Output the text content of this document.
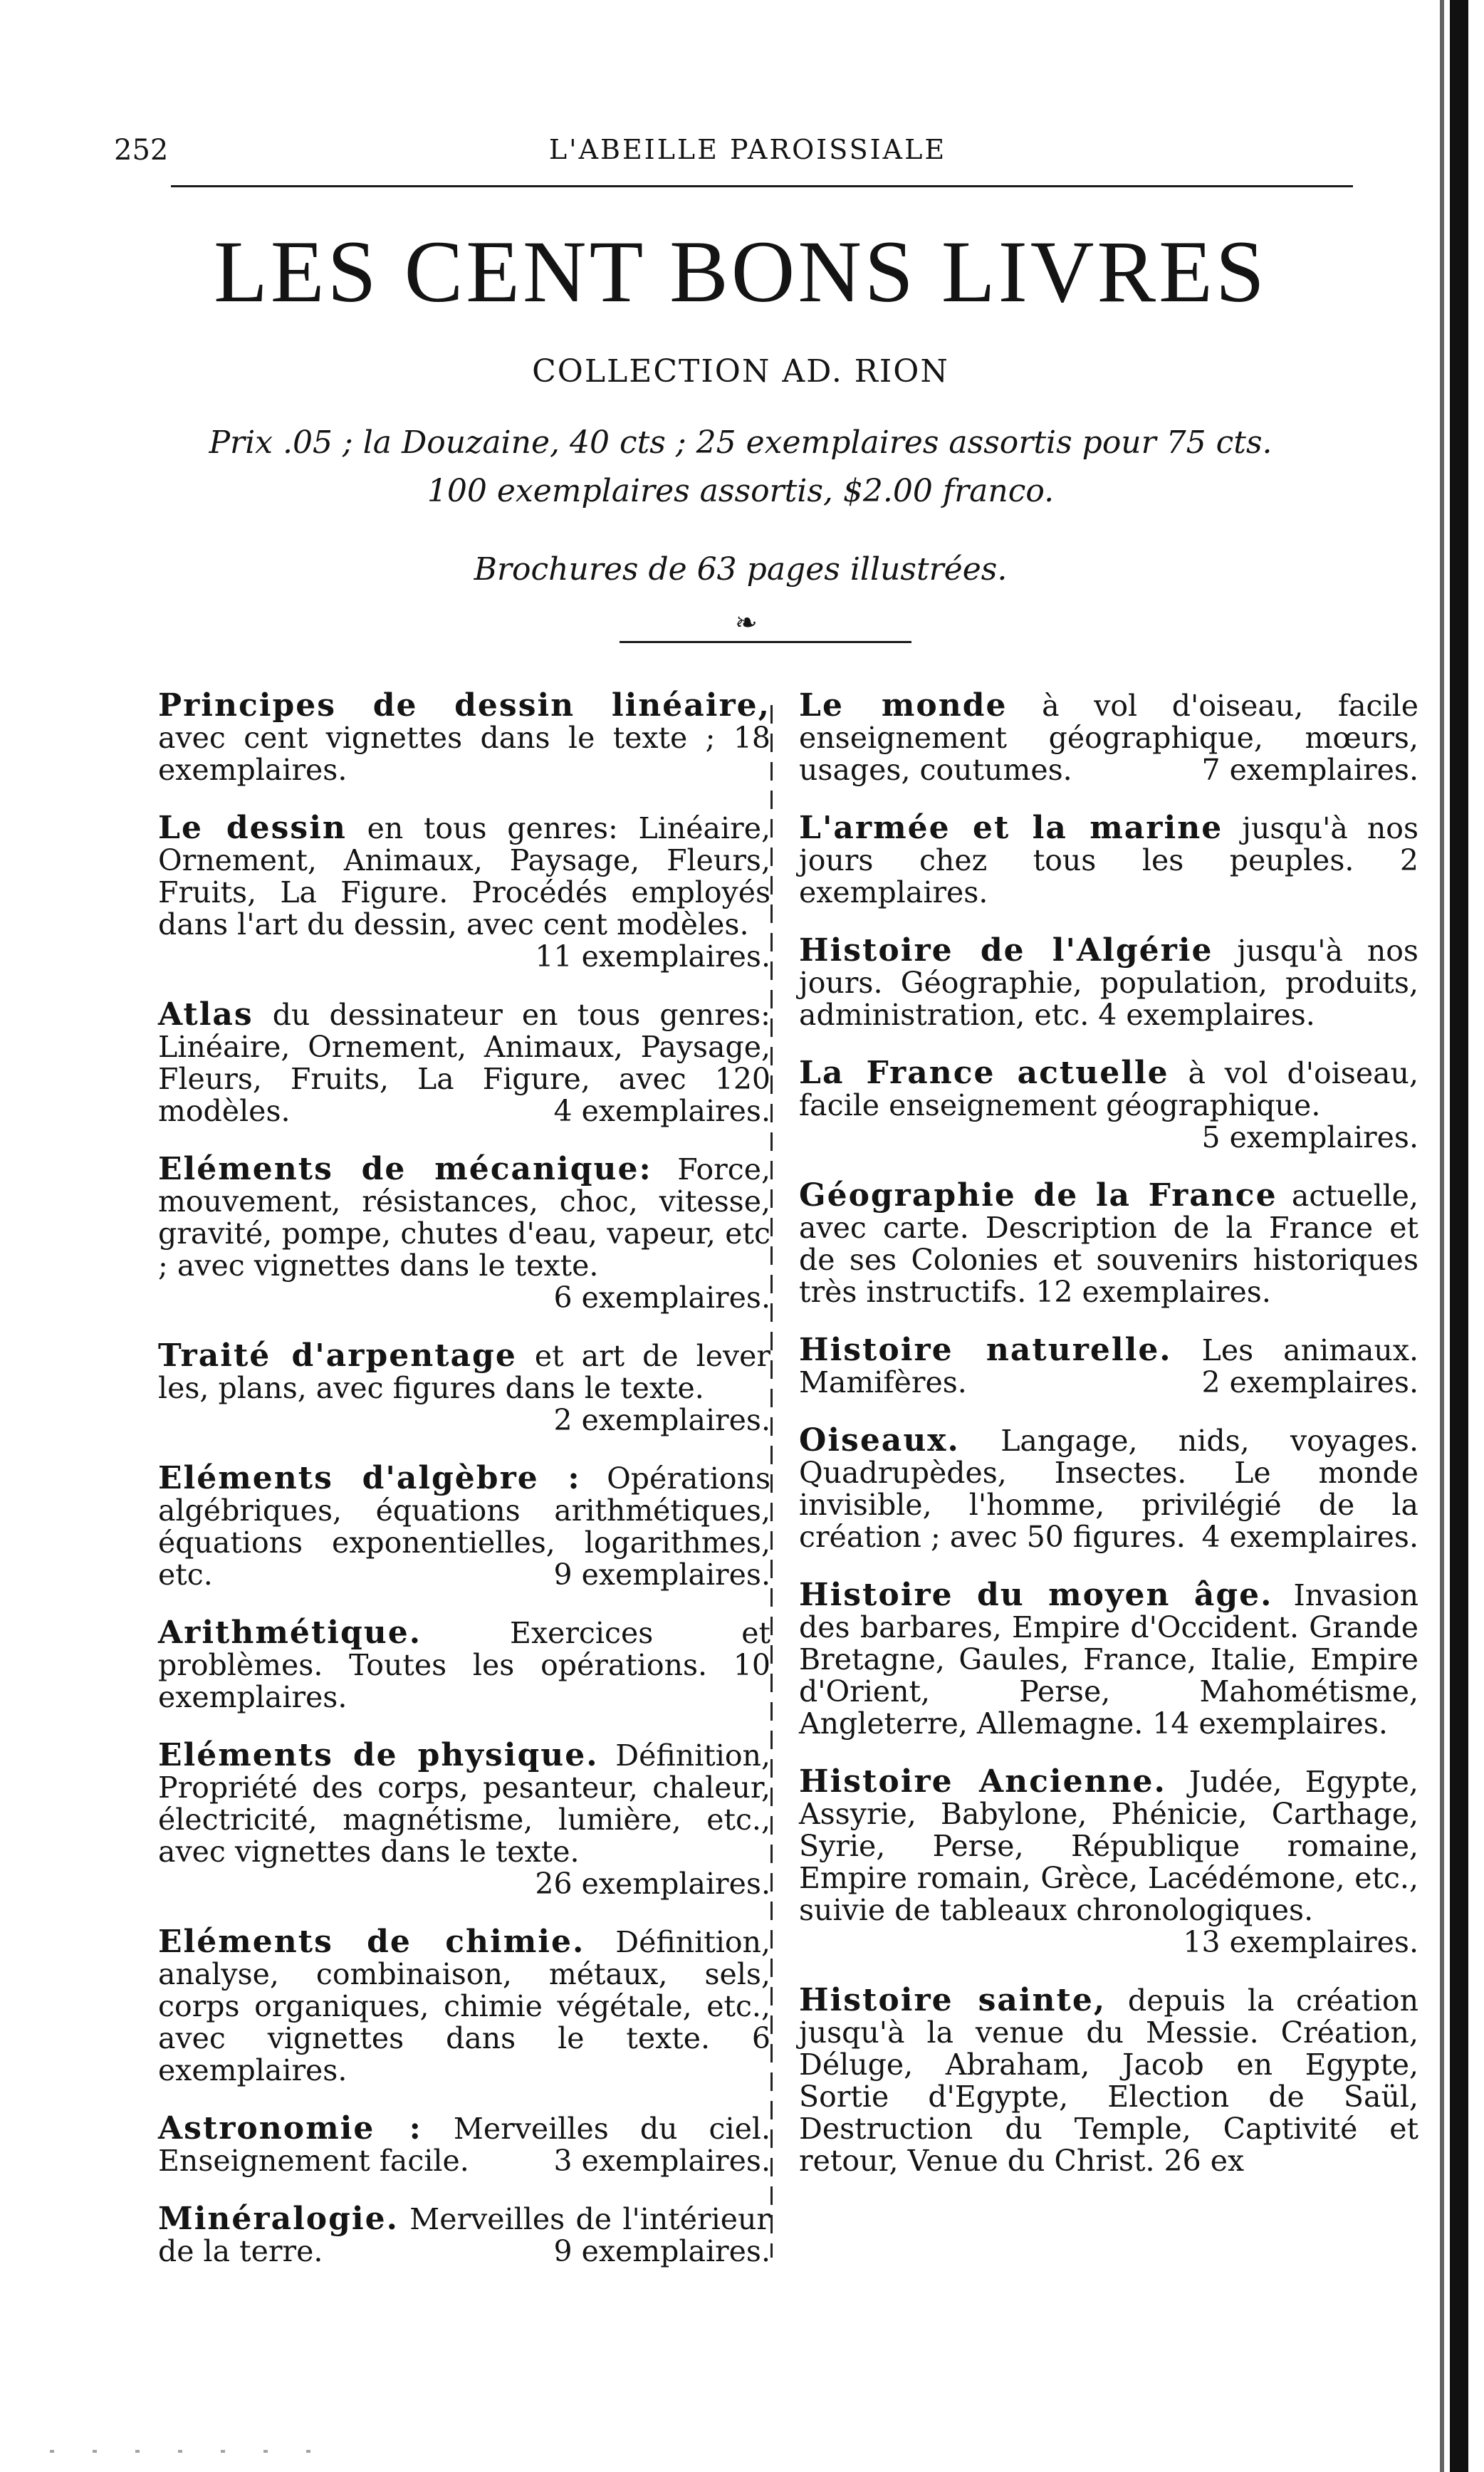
252	L'ABEILLE PAROISSIALE
LES CENT BONS LIVRES
COLLECTION AD. RION
Prix .05 ; la Douzaine, 40 cts ; 25 exemplaires assortis pour 75 cts.
100 exemplaires assortis, $2.00 franco.
Brochures de 63 pages illustrées.
❧
Principes de dessin linéaire, avec cent vignettes dans le texte ; 18 exemplaires.
Le dessin en tous genres: Linéaire, Ornement, Animaux, Paysage, Fleurs, Fruits, La Figure. Procédés employés dans l'art du dessin, avec cent modèles.
11 exemplaires.
Atlas du dessinateur en tous genres: Linéaire, Ornement, Animaux, Paysage, Fleurs, Fruits, La Figure, avec 120 modèles.	4 exemplaires.
Eléments de mécanique: Force, mouvement, résistances, choc, vitesse, gravité, pompe, chutes d'eau, vapeur, etc ; avec vignettes dans le texte.
6 exemplaires.
Traité d'arpentage et art de lever les, plans, avec figures dans le texte.
2 exemplaires.
Eléments d'algèbre : Opérations algébriques, équations arithmétiques, équations exponentielles, logarithmes, etc.	9 exemplaires.
Arithmétique.	Exercices et problèmes. Toutes les opérations. 10 exemplaires.
Eléments de physique. Définition, Propriété des corps, pesanteur, chaleur, électricité, magnétisme, lumière, etc., avec vignettes dans le texte.
26 exemplaires.
Eléments de chimie. Définition, analyse, combinaison, métaux, sels, corps organiques, chimie végétale, etc., avec vignettes dans le texte. 6 exemplaires.
Astronomie : Merveilles du ciel. Enseignement facile.	3 exemplaires.
Minéralogie. Merveilles de l'intérieur de la terre.	9 exemplaires.
Le monde à vol d'oiseau, facile enseignement géographique, mœurs, usages, coutumes.	7 exemplaires.
L'armée et la marine jusqu'à nos jours chez tous les peuples. 2 exemplaires.
Histoire de l'Algérie jusqu'à nos jours. Géographie, population, produits, administration, etc. 4 exemplaires.
La France actuelle à vol d'oiseau, facile enseignement géographique.
5 exemplaires.
Géographie de la France actuelle, avec carte. Description de la France et de ses Colonies et souvenirs historiques très instructifs. 12 exemplaires.
Histoire naturelle. Les animaux. Mamifères.	2 exemplaires.
Oiseaux. Langage, nids, voyages. Quadrupèdes, Insectes. Le monde invisible, l'homme, privilégié de la création ; avec 50 figures. 4 exemplaires.
Histoire du moyen âge. Invasion des barbares, Empire d'Occident. Grande Bretagne, Gaules, France, Italie, Empire d'Orient, Perse, Mahométisme, Angleterre, Allemagne. 14 exemplaires.
Histoire Ancienne. Judée, Egypte, Assyrie, Babylone, Phénicie, Carthage, Syrie, Perse, République romaine, Empire romain, Grèce, Lacédémone, etc., suivie de tableaux chronologiques.
13 exemplaires.
Histoire sainte, depuis la création jusqu'à la venue du Messie. Création, Déluge, Abraham, Jacob en Egypte, Sortie d'Egypte, Election de Saül, Destruction du Temple, Captivité et retour, Venue du Christ. 26 ex
